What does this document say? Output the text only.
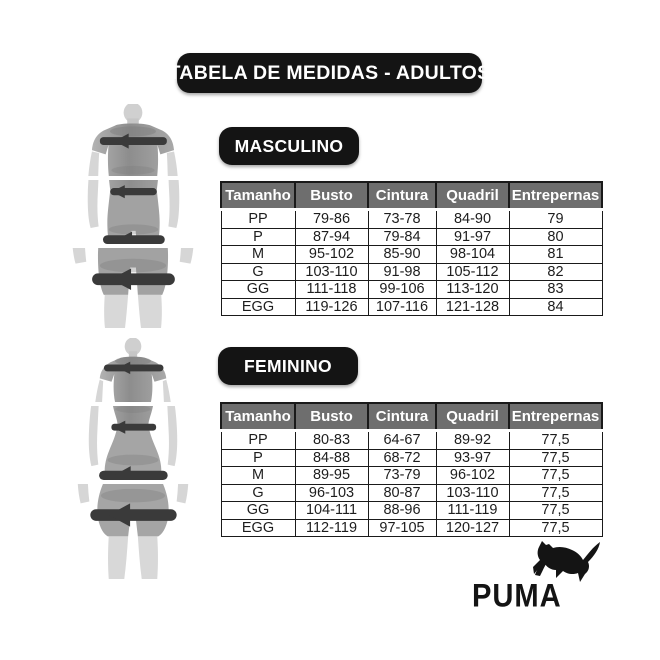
TABELA DE MEDIDAS - ADULTOS
MASCULINO
Tamanho	Busto	Cintura	Quadril	Entrepernas
PP	79-86	73-78	84-90	79
P	87-94	79-84	91-97	80
M	95-102	85-90	98-104	81
G	103-110	91-98	105-112	82
GG	111-118	99-106	113-120	83
EGG	119-126	107-116	121-128	84
FEMININO
Tamanho	Busto	Cintura	Quadril	Entrepernas
PP	80-83	64-67	89-92	77,5
P	84-88	68-72	93-97	77,5
M	89-95	73-79	96-102	77,5
G	96-103	80-87	103-110	77,5
GG	104-111	88-96	111-119	77,5
EGG	112-119	97-105	120-127	77,5
PUMA
